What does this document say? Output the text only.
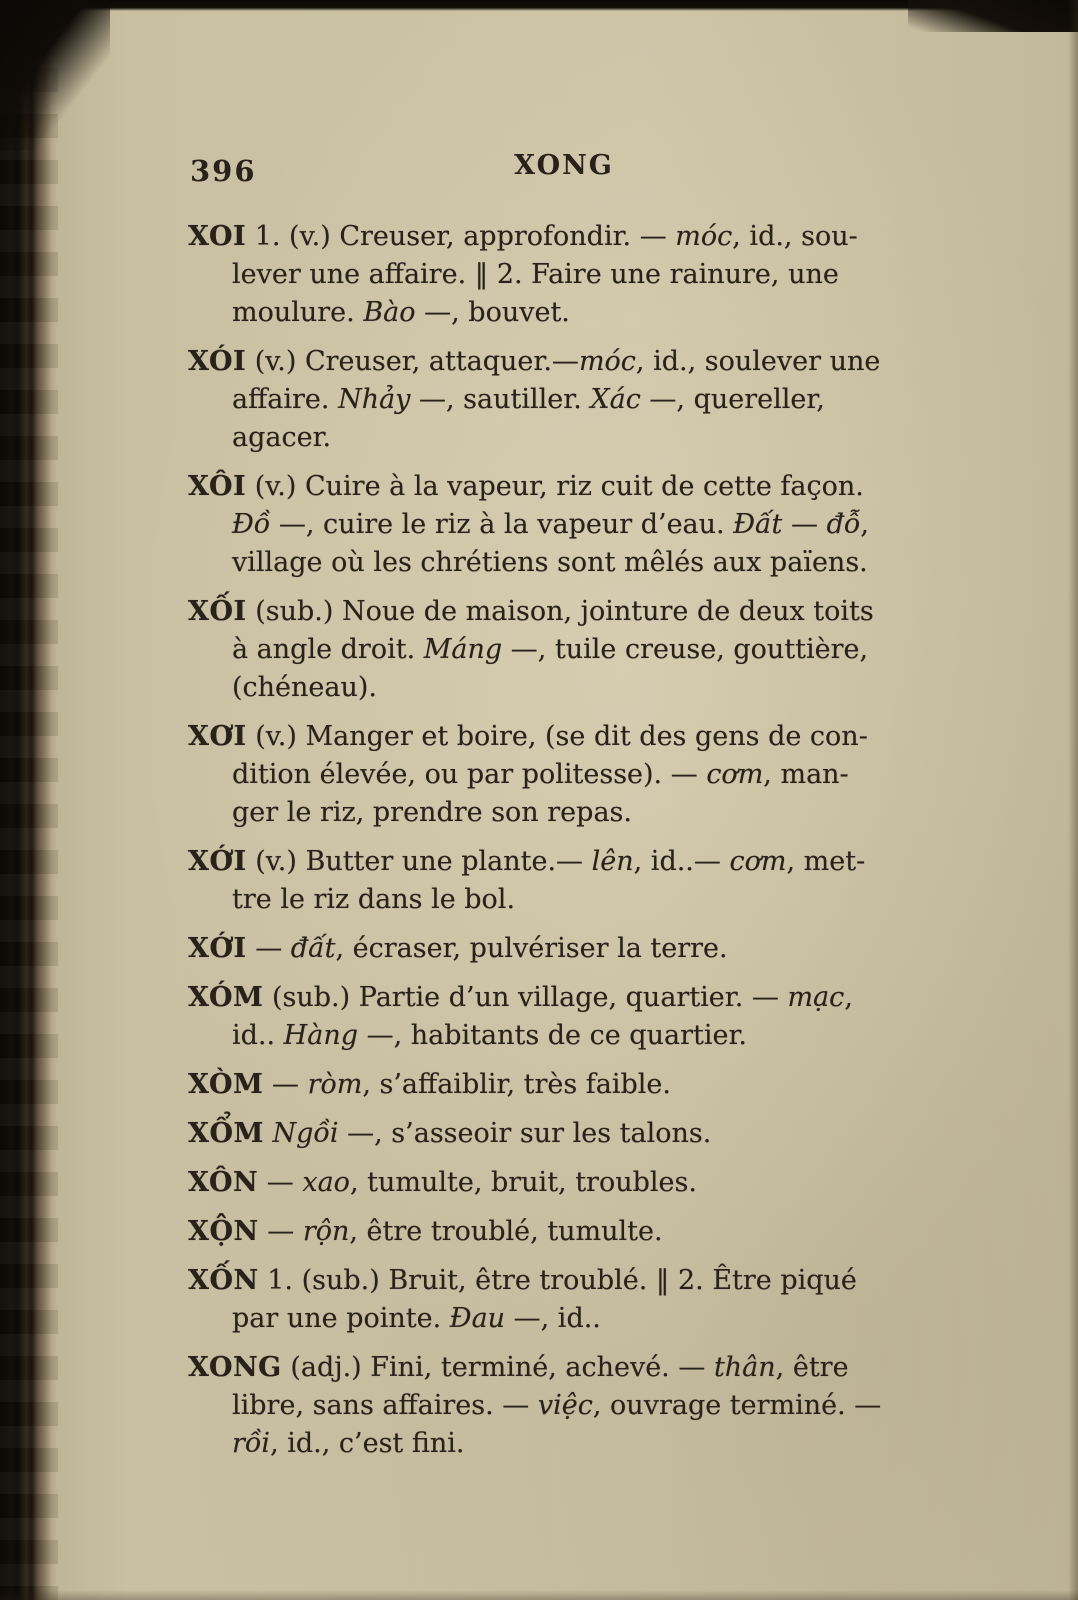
396	XONG

XOI 1. (v.) Creuser, approfondir. — móc, id., sou-
lever une affaire. ‖ 2. Faire une rainure, une
moulure. Bào —, bouvet.

XÓI (v.) Creuser, attaquer.—móc, id., soulever une
affaire. Nhảy —, sautiller. Xác —, quereller,
agacer.

XÔI (v.) Cuire à la vapeur, riz cuit de cette façon.
Đồ —, cuire le riz à la vapeur d’eau. Đất — đỗ,
village où les chrétiens sont mêlés aux païens.

XỐI (sub.) Noue de maison, jointure de deux toits
à angle droit. Máng —, tuile creuse, gouttière,
(chéneau).

XƠI (v.) Manger et boire, (se dit des gens de con-
dition élevée, ou par politesse). — cơm, man-
ger le riz, prendre son repas.

XỚI (v.) Butter une plante.— lên, id..— cơm, met-
tre le riz dans le bol.

XỚI — đất, écraser, pulvériser la terre.

XÓM (sub.) Partie d’un village, quartier. — mạc,
id.. Hàng —, habitants de ce quartier.

XÒM — ròm, s’affaiblir, très faible.

XỔM Ngồi —, s’asseoir sur les talons.

XÔN — xao, tumulte, bruit, troubles.

XỘN — rộn, être troublé, tumulte.

XỐN 1. (sub.) Bruit, être troublé. ‖ 2. Être piqué
par une pointe. Đau —, id..

XONG (adj.) Fini, terminé, achevé. — thân, être
libre, sans affaires. — việc, ouvrage terminé. —
rồi, id., c’est fini.
